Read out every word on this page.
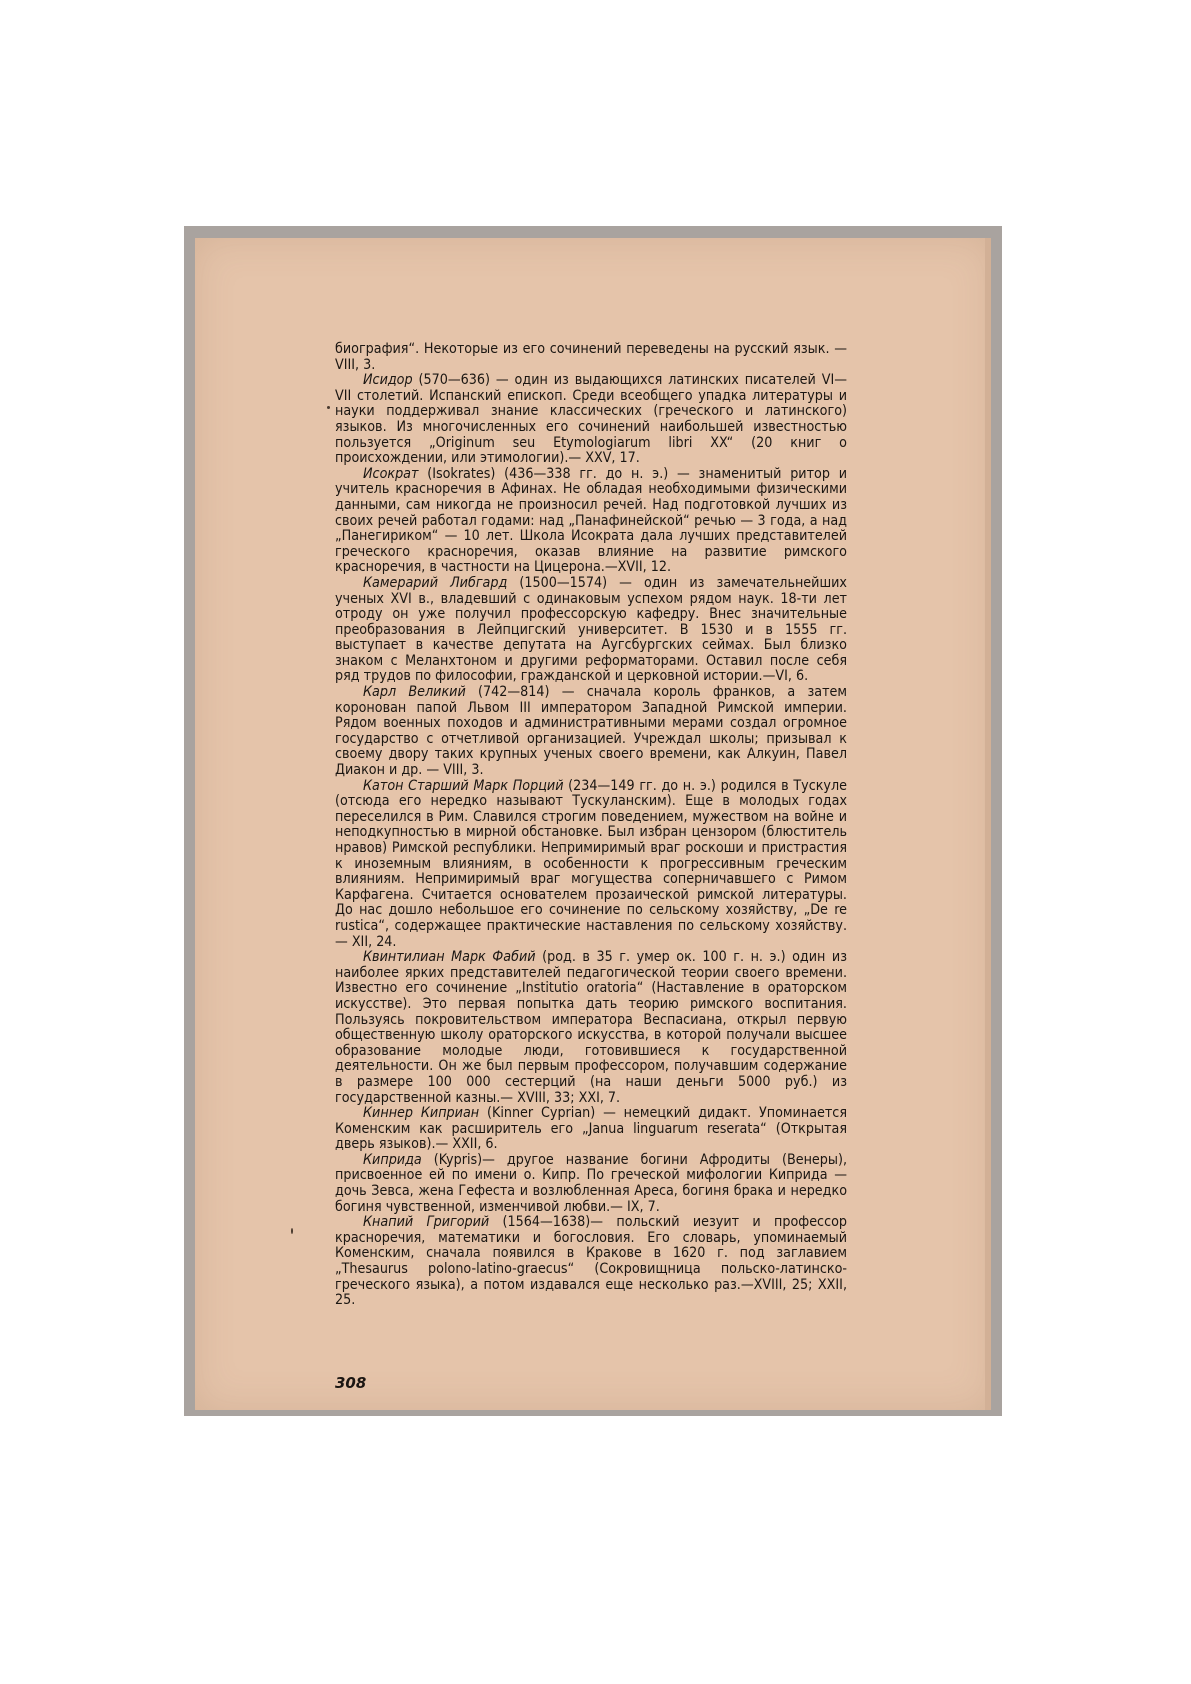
биография“. Некоторые из его сочинений переведены на русский язык. — VIII, 3.

Исидор (570—636) — один из выдающихся латинских писателей VI—VII столетий. Испанский епископ. Среди всеобщего упадка литературы и науки поддерживал знание классических (греческого и латинского) языков. Из многочисленных его сочинений наибольшей известностью пользуется „Originum seu Etymologiarum libri XX“ (20 книг о происхождении, или этимологии).— XXV, 17.

Исократ (Isokrates) (436—338 гг. до н. э.) — знаменитый ритор и учитель красноречия в Афинах. Не обладая необходимыми физическими данными, сам никогда не произносил речей. Над подготовкой лучших из своих речей работал годами: над „Панафинейской“ речью — 3 года, а над „Панегириком“ — 10 лет. Школа Исократа дала лучших представителей греческого красноречия, оказав влияние на развитие римского красноречия, в частности на Цицерона.—XVII, 12.

Камерарий Либгард (1500—1574) — один из замечательнейших ученых XVI в., владевший с одинаковым успехом рядом наук. 18-ти лет отроду он уже получил профессорскую кафедру. Внес значительные преобразования в Лейпцигский университет. В 1530 и в 1555 гг. выступает в качестве депутата на Аугсбургских сеймах. Был близко знаком с Меланхтоном и другими реформаторами. Оставил после себя ряд трудов по философии, гражданской и церковной истории.—VI, 6.

Карл Великий (742—814) — сначала король франков, а затем коронован папой Львом III императором Западной Римской империи. Рядом военных походов и административными мерами создал огромное государство с отчетливой организацией. Учреждал школы; призывал к своему двору таких крупных ученых своего времени, как Алкуин, Павел Диакон и др. — VIII, 3.

Катон Старший Марк Порций (234—149 гг. до н. э.) родился в Тускуле (отсюда его нередко называют Тускуланским). Еще в молодых годах переселился в Рим. Славился строгим поведением, мужеством на войне и неподкупностью в мирной обстановке. Был избран цензором (блюститель нравов) Римской республики. Непримиримый враг роскоши и пристрастия к иноземным влияниям, в особенности к прогрессивным греческим влияниям. Непримиримый враг могущества соперничавшего с Римом Карфагена. Считается основателем прозаической римской литературы. До нас дошло небольшое его сочинение по сельскому хозяйству, „De re rustica“, содержащее практические наставления по сельскому хозяйству.— XII, 24.

Квинтилиан Марк Фабий (род. в 35 г. умер ок. 100 г. н. э.) один из наиболее ярких представителей педагогической теории своего времени. Известно его сочинение „Institutio oratoria“ (Наставление в ораторском искусстве). Это первая попытка дать теорию римского воспитания. Пользуясь покровительством императора Веспасиана, открыл первую общественную школу ораторского искусства, в которой получали высшее образование молодые люди, готовившиеся к государственной деятельности. Он же был первым профессором, получавшим содержание в размере 100 000 сестерций (на наши деньги 5000 руб.) из государственной казны.— XVIII, 33; XXI, 7.

Киннер Киприан (Kinner Cyprian) — немецкий дидакт. Упоминается Коменским как расширитель его „Janua linguarum reserata“ (Открытая дверь языков).— XXII, 6.

Киприда (Kypris)— другое название богини Афродиты (Венеры), присвоенное ей по имени о. Кипр. По греческой мифологии Киприда — дочь Зевса, жена Гефеста и возлюбленная Ареса, богиня брака и нередко богиня чувственной, изменчивой любви.— IX, 7.

Кнапий Григорий (1564—1638)— польский иезуит и профессор красноречия, математики и богословия. Его словарь, упоминаемый Коменским, сначала появился в Кракове в 1620 г. под заглавием „Thesaurus polono-latino-graecus“ (Сокровищница польско-латинско-греческого языка), а потом издавался еще несколько раз.—XVIII, 25; XXII, 25.

308
